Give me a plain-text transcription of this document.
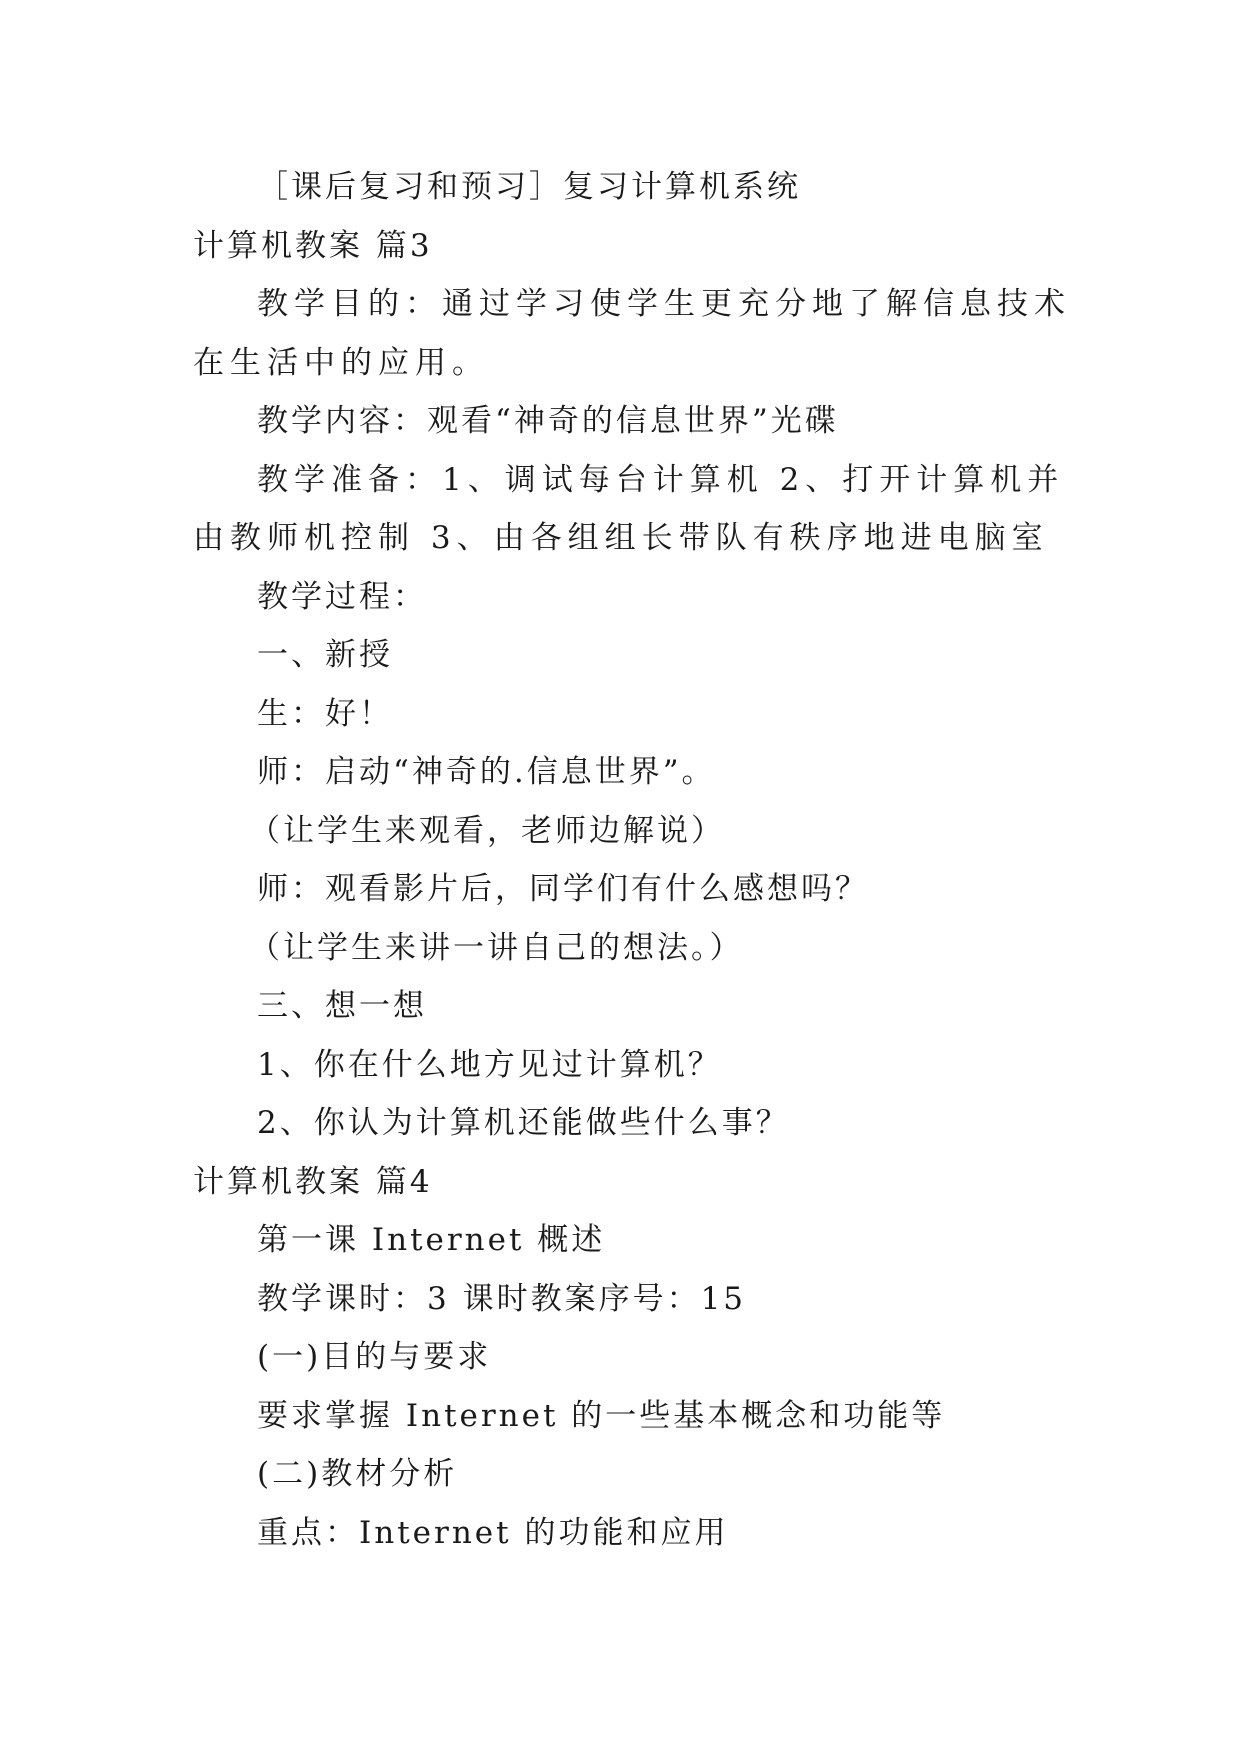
［课后复习和预习］复习计算机系统
计算机教案 篇3
教学目的：通过学习使学生更充分地了解信息技术在生活中的应用。
教学内容：观看“神奇的信息世界”光碟
教学准备：1、调试每台计算机 2、打开计算机并由教师机控制 3、由各组组长带队有秩序地进电脑室
教学过程：
一、新授
生：好！
师：启动“神奇的.信息世界”。
（让学生来观看，老师边解说）
师：观看影片后，同学们有什么感想吗？
（让学生来讲一讲自己的想法。）
三、想一想
1、你在什么地方见过计算机？
2、你认为计算机还能做些什么事？
计算机教案 篇4
第一课 Internet 概述
教学课时：3 课时教案序号：15
(一)目的与要求
要求掌握 Internet 的一些基本概念和功能等
(二)教材分析
重点：Internet 的功能和应用
